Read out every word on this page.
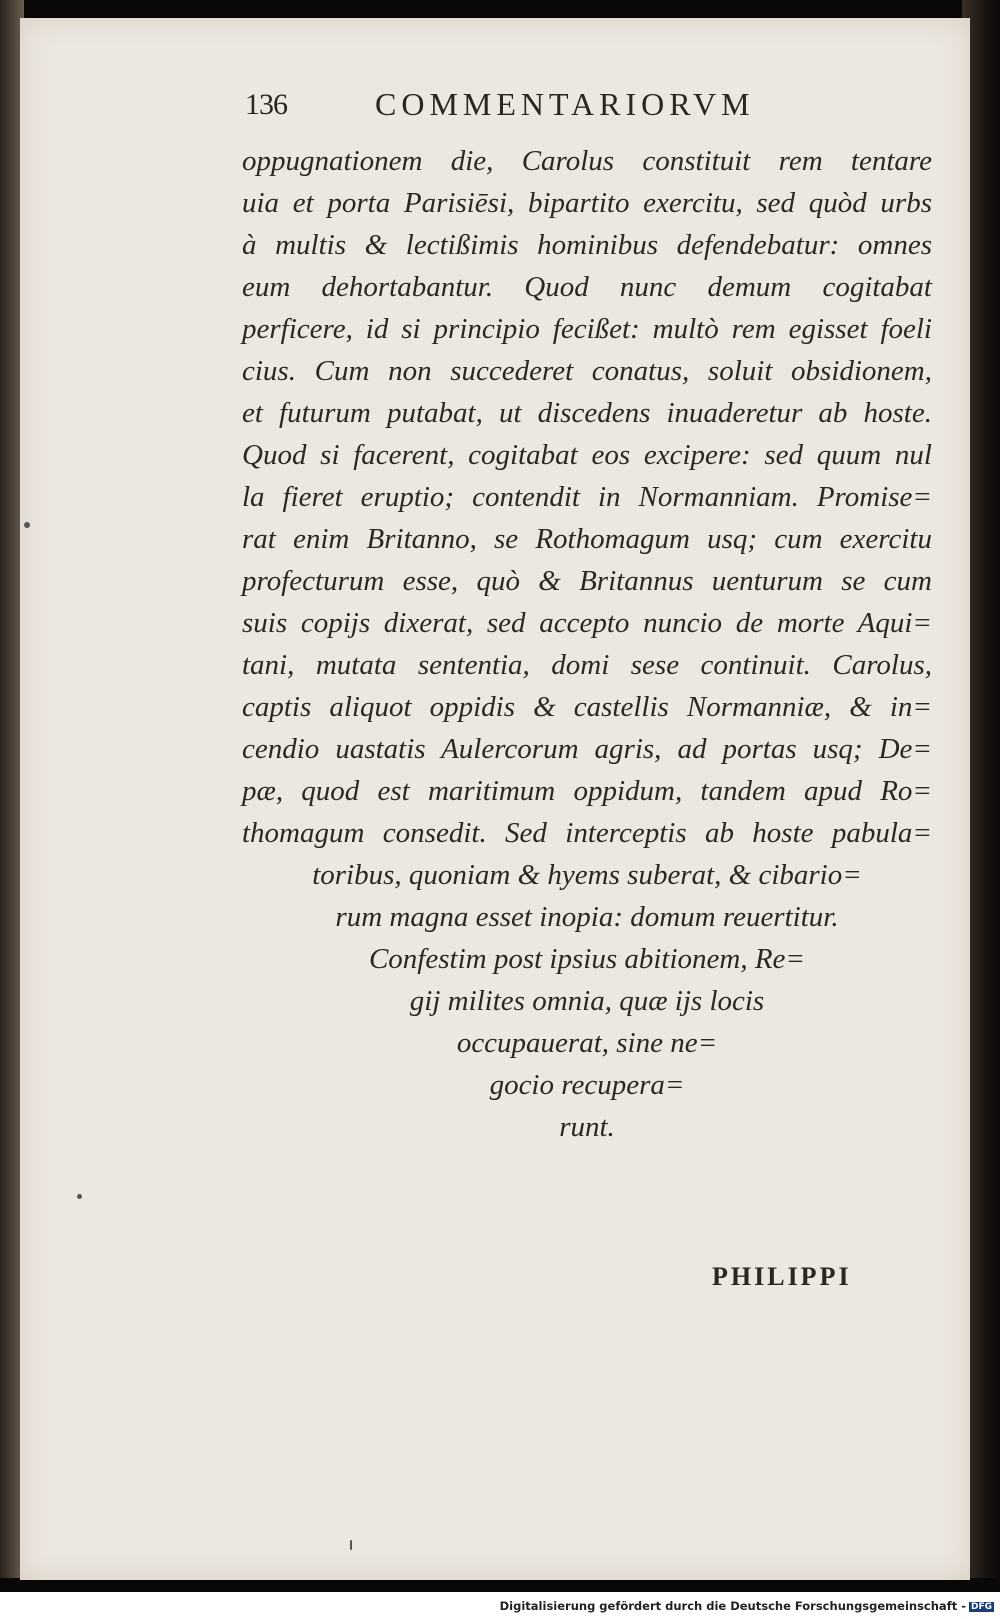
136	COMMENTARIORVM
oppugnationem die, Carolus constituit rem tentare
uia et porta Parisiēsi, bipartito exercitu, sed quòd urbs
à multis & lectißimis hominibus defendebatur: omnes
eum dehortabantur. Quod nunc demum cogitabat
perficere, id si principio fecißet: multò rem egisset foeli
cius. Cum non succederet conatus, soluit obsidionem,
et futurum putabat, ut discedens inuaderetur ab hoste.
Quod si facerent, cogitabat eos excipere: sed quum nul
la fieret eruptio; contendit in Normanniam. Promise=
rat enim Britanno, se Rothomagum usq; cum exercitu
profecturum esse, quò & Britannus uenturum se cum
suis copijs dixerat, sed accepto nuncio de morte Aqui=
tani, mutata sententia, domi sese continuit. Carolus,
captis aliquot oppidis & castellis Normanniæ, & in=
cendio uastatis Aulercorum agris, ad portas usq; De=
pæ, quod est maritimum oppidum, tandem apud Ro=
thomagum consedit. Sed interceptis ab hoste pabula=
toribus, quoniam & hyems suberat, & cibario=
rum magna esset inopia: domum reuertitur.
Confestim post ipsius abitionem, Re=
gij milites omnia, quæ ijs locis
occupauerat, sine ne=
gocio recupera=
runt.
PHILIPPI
Digitalisierung gefördert durch die Deutsche Forschungsgemeinschaft - DFG
